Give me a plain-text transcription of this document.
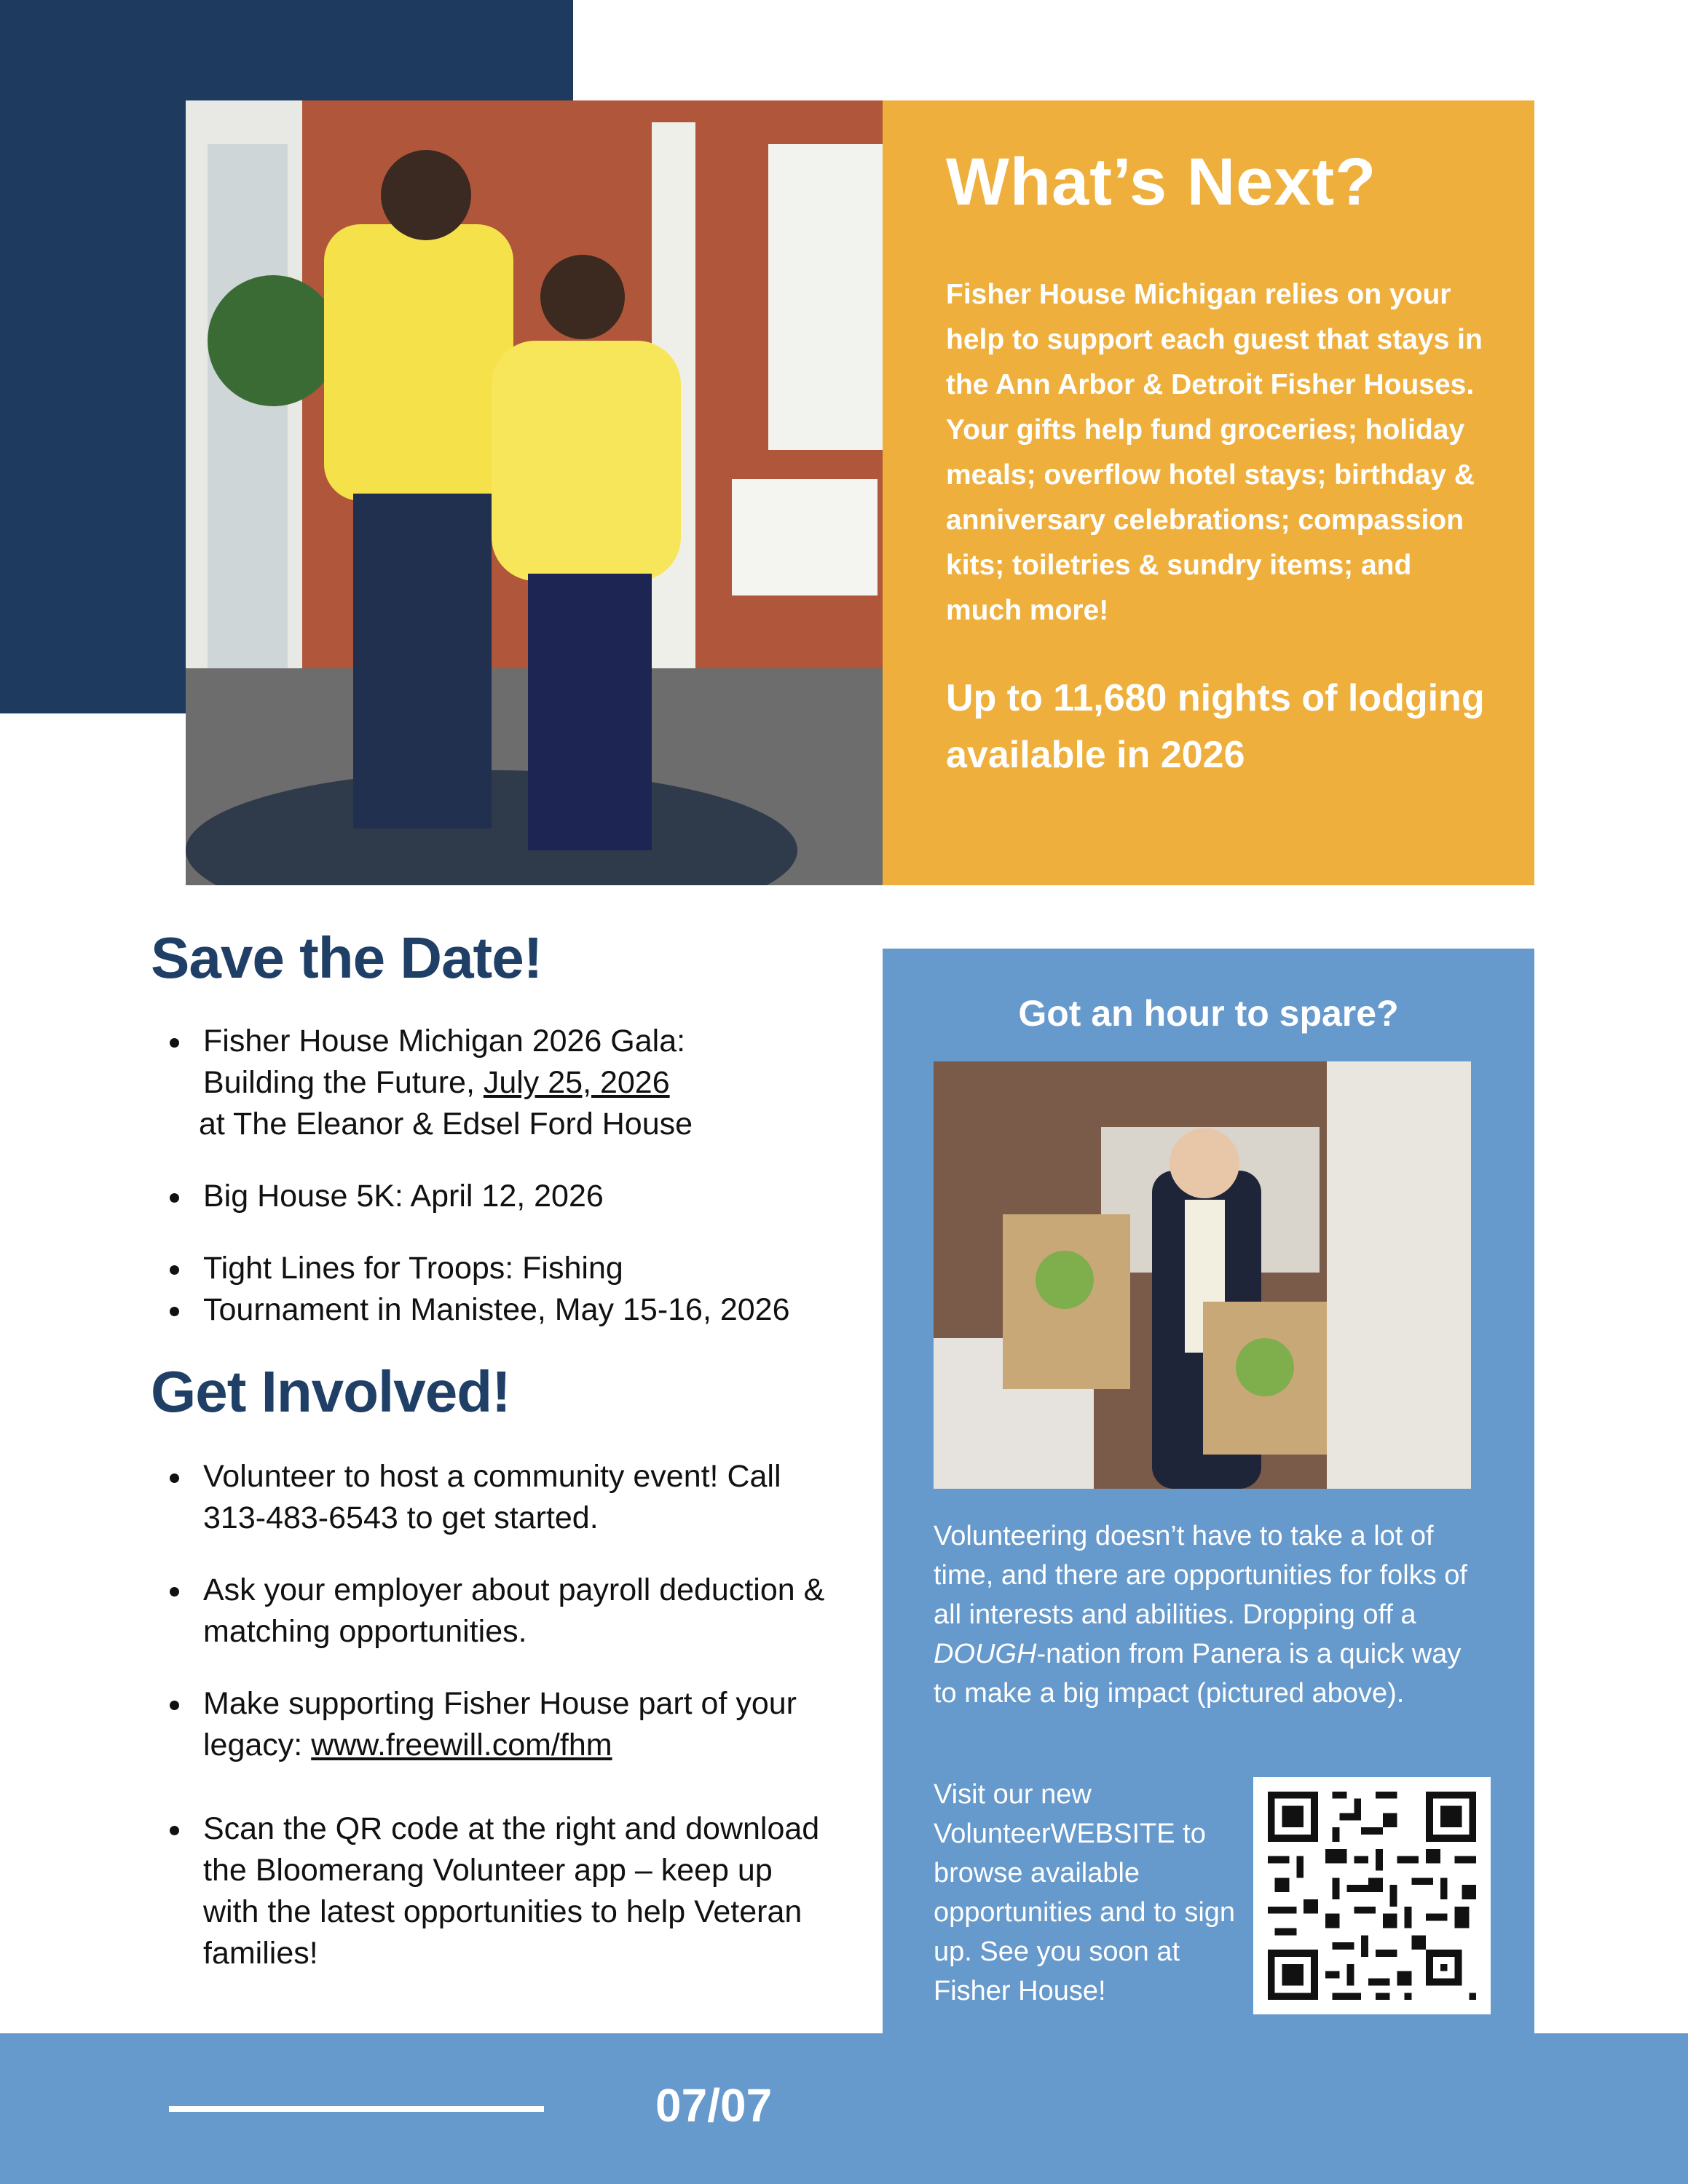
What’s Next?

Fisher House Michigan relies on your help to support each guest that stays in the Ann Arbor & Detroit Fisher Houses. Your gifts help fund groceries; holiday meals; overflow hotel stays; birthday & anniversary celebrations; compassion kits; toiletries & sundry items; and much more!

Up to 11,680 nights of lodging available in 2026

Save the Date!
Fisher House Michigan 2026 Gala:
Building the Future, July 25, 2026

at The Eleanor & Edsel Ford House
Big House 5K: April 12, 2026
Tight Lines for Troops: Fishing
Tournament in Manistee, May 15-16, 2026
Get Involved!
Volunteer to host a community event! Call 313-483-6543 to get started.
Ask your employer about payroll deduction & matching opportunities.
Make supporting Fisher House part of your legacy: www.freewill.com/fhm
Scan the QR code at the right and download the Bloomerang Volunteer app – keep up with the latest opportunities to help Veteran families!
Got an hour to spare?

Volunteering doesn’t have to take a lot of time, and there are opportunities for folks of all interests and abilities. Dropping off a DOUGH-nation from Panera is a quick way to make a big impact (pictured above).

Visit our new VolunteerWEBSITE to browse available opportunities and to sign up. See you soon at Fisher House!

07/07
